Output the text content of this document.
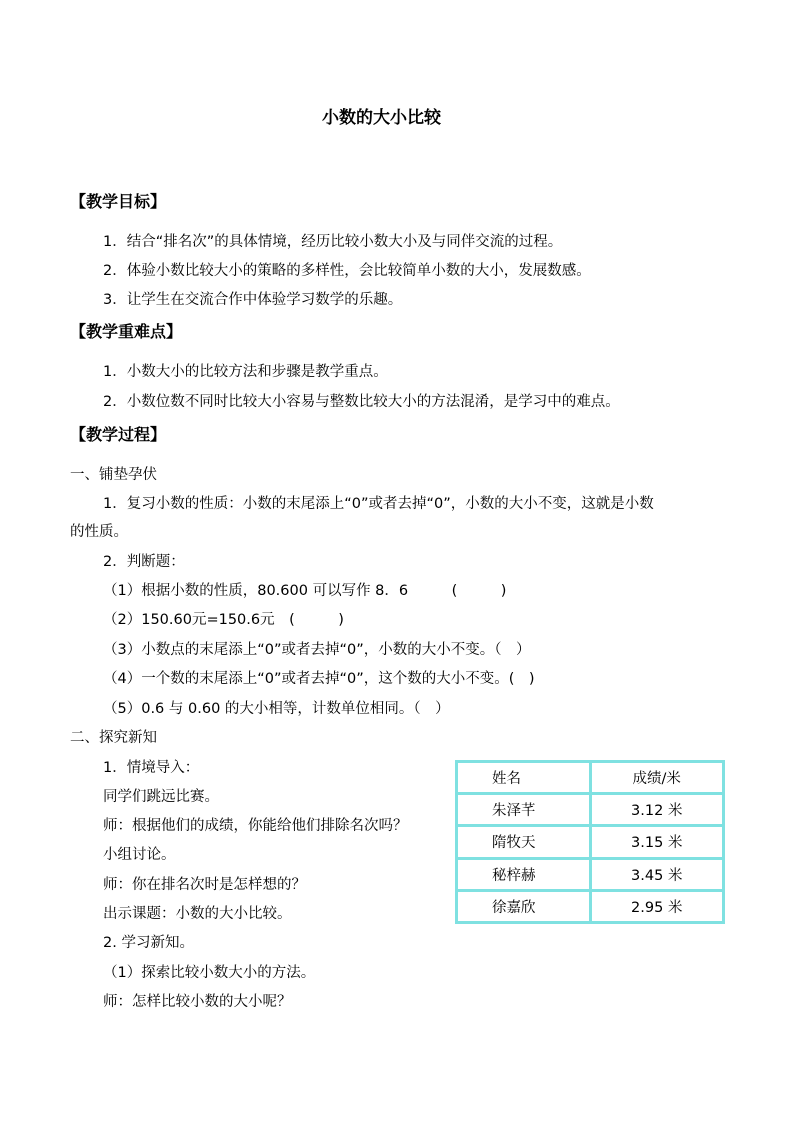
小数的大小比较
【教学目标】
1．结合“排名次”的具体情境，经历比较小数大小及与同伴交流的过程。
2．体验小数比较大小的策略的多样性，会比较简单小数的大小，发展数感。
3．让学生在交流合作中体验学习数学的乐趣。
【教学重难点】
1．小数大小的比较方法和步骤是教学重点。
2．小数位数不同时比较大小容易与整数比较大小的方法混淆，是学习中的难点。
【教学过程】
一、铺垫孕伏
1．复习小数的性质：小数的末尾添上“0”或者去掉“0”，小数的大小不变，这就是小数
的性质。
2．判断题：
（1）根据小数的性质，80.600 可以写作 8．6　　　(　　　)
（2）150.60元=150.6元　(　　　)
（3）小数点的末尾添上“0”或者去掉“0”，小数的大小不变。（　）
（4）一个数的末尾添上“0”或者去掉“0”，这个数的大小不变。(　)
（5）0.6 与 0.60 的大小相等，计数单位相同。（　）
二、探究新知
1．情境导入：
同学们跳远比赛。
师：根据他们的成绩，你能给他们排除名次吗？
小组讨论。
师：你在排名次时是怎样想的？
出示课题：小数的大小比较。
2. 学习新知。
（1）探索比较小数大小的方法。
师：怎样比较小数的大小呢？
姓名	成绩/米
朱泽芊	3.12 米
隋牧天	3.15 米
秘梓赫	3.45 米
徐嘉欣	2.95 米
